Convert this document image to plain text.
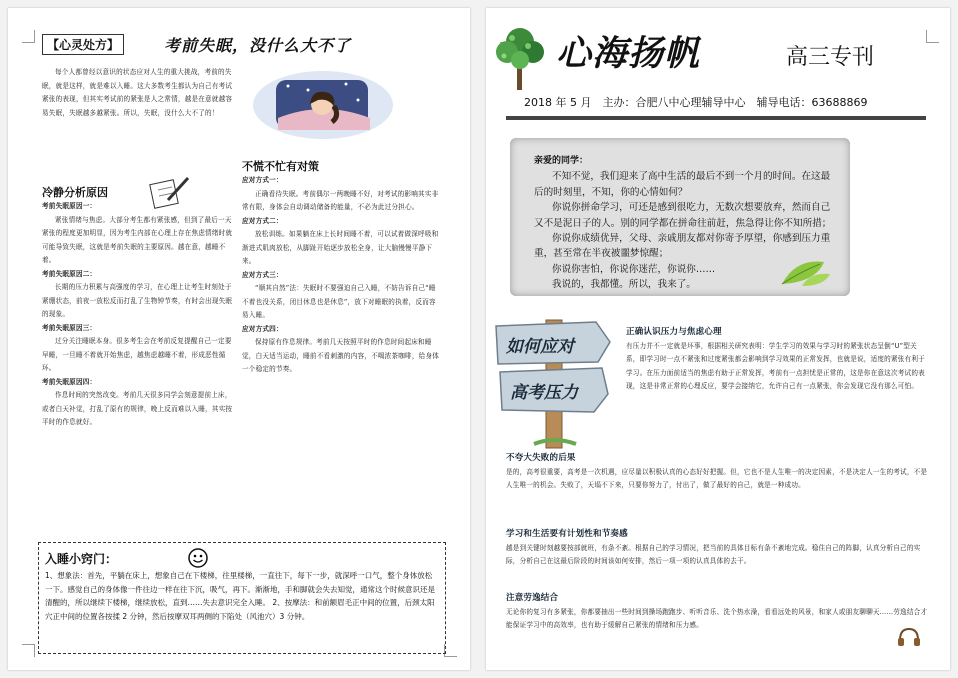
【心灵处方】	考前失眠，没什么大不了

每个人都曾经以意识的状态应对人生的重大挑战，考前的失眠，就是这样，就是难以入睡。这大多数考生都认为自己有考试紧张的表现，但其实考试前的紧张是人之常情，越是在意就越容易失眠，失眠越多越紧张。所以，失眠，没什么大不了的！

冷静分析原因
考前失眠原因一：

紧张情绪与焦虑。大部分考生都有紧张感，但到了最后一天紧张的程度更加明显，因为考生内部在心理上存在焦虑情绪时就可能导致失眠，这就是考前失眠的主要原因。越在意，越睡不着。

考前失眠原因二：

长期的压力积累与高强度的学习，在心理上让考生时刻处于紧绷状态，前夜一放松反而打乱了生物钟节奏，有时会出现失眠的现象。

考前失眠原因三：

过分关注睡眠本身。很多考生会在考前反复提醒自己一定要早睡，一旦睡不着就开始焦虑，越焦虑越睡不着，形成恶性循环。

考前失眠原因四：

作息时间的突然改变。考前几天很多同学会刻意提前上床，或者白天补觉，打乱了原有的规律，晚上反而难以入睡，其实按平时的作息就好。

不慌不忙有对策
应对方式一：

正确看待失眠。考前偶尔一两晚睡不好，对考试的影响其实非常有限，身体会自动调动储备的能量，不必为此过分担心。

应对方式二：

放松训练。如果躺在床上长时间睡不着，可以试着做深呼吸和渐进式肌肉放松，从脚趾开始逐步放松全身，让大脑慢慢平静下来。

应对方式三：

“顺其自然”法：失眠时不要强迫自己入睡，不妨告诉自己“睡不着也没关系，闭目休息也是休息”，放下对睡眠的执着，反而容易入睡。

应对方式四：

保持原有作息规律。考前几天按照平时的作息时间起床和睡觉，白天适当运动，睡前不看刺激的内容，不喝浓茶咖啡，给身体一个稳定的节奏。

入睡小窍门：
1、想象法：首先，平躺在床上，想象自己在下楼梯，往里楼梯，一直往下，每下一步，就深呼一口气，整个身体放松一下。感觉自己的身体像一件往边一样在往下沉，吸气，再下。渐渐地，手和脚就会失去知觉，通常这个时候意识还是清醒的，所以继续下楼梯，继续放松，直到……失去意识完全入睡。 2、按摩法：和前额眉毛正中间的位置，后颈太阳穴正中间的位置各按揉 2 分钟，然后按摩双耳两侧的下陷处（风池穴）3 分钟。
心海扬帆	高三专刊
2018 年 5 月　主办：合肥八中心理辅导中心　辅导电话：63688869

亲爱的同学：

不知不觉，我们迎来了高中生活的最后不到一个月的时间。在这最后的时刻里，不知，你的心情如何？

你说你拼命学习，可还是感到很吃力，无数次想要放弃，然而自己又不是泥日子的人。别的同学都在拼命往前赶，焦急得让你不知所措；

你说你成绩优异，父母、亲戚朋友都对你寄予厚望，你感到压力重重，甚至常在半夜被噩梦惊醒；

你说你害怕，你说你迷茫，你说你……

我说的，我都懂。所以，我来了。

如何应对
高考压力
正确认识压力与焦虑心理

有压力并不一定就是坏事，根据相关研究表明：学生学习的效果与学习时的紧张状态呈倒“U”型关系，即学习时一点不紧张和过度紧张都会影响到学习效果的正常发挥，也就是说，适度的紧张有利于学习。在压力面前适当的焦虑有助于正常发挥，考前有一点担忧是正常的，这是你在意这次考试的表现，这是非常正常的心理反应，要学会接纳它，允许自己有一点紧张，你会发现它没有那么可怕。

不夸大失败的后果

是的，高考很重要，高考是一次机遇，应尽量以积极认真的心态好好把握。但，它也不是人生唯一的决定因素，不是决定人一生的考试，不是人生唯一的机会。失败了，天塌不下来，只要你努力了，付出了，做了最好的自己，就是一种成功。

学习和生活要有计划性和节奏感

越是到关键时刻越要按部就班，有条不紊。根据自己的学习情况，把当前的具体目标有条不紊地完成。稳住自己的阵脚，认真分析自己的实际，分析自己在这最后阶段的时间该如何安排，然后一项一项的认真具体的去干。

注意劳逸结合

无论你的复习有多紧张，你都要抽出一些时间到操场跑跑步、听听音乐、洗个热水澡，看看远处的风景，和家人或朋友聊聊天……劳逸结合才能保证学习中的高效率，也有助于缓解自己紧张的情绪和压力感。
